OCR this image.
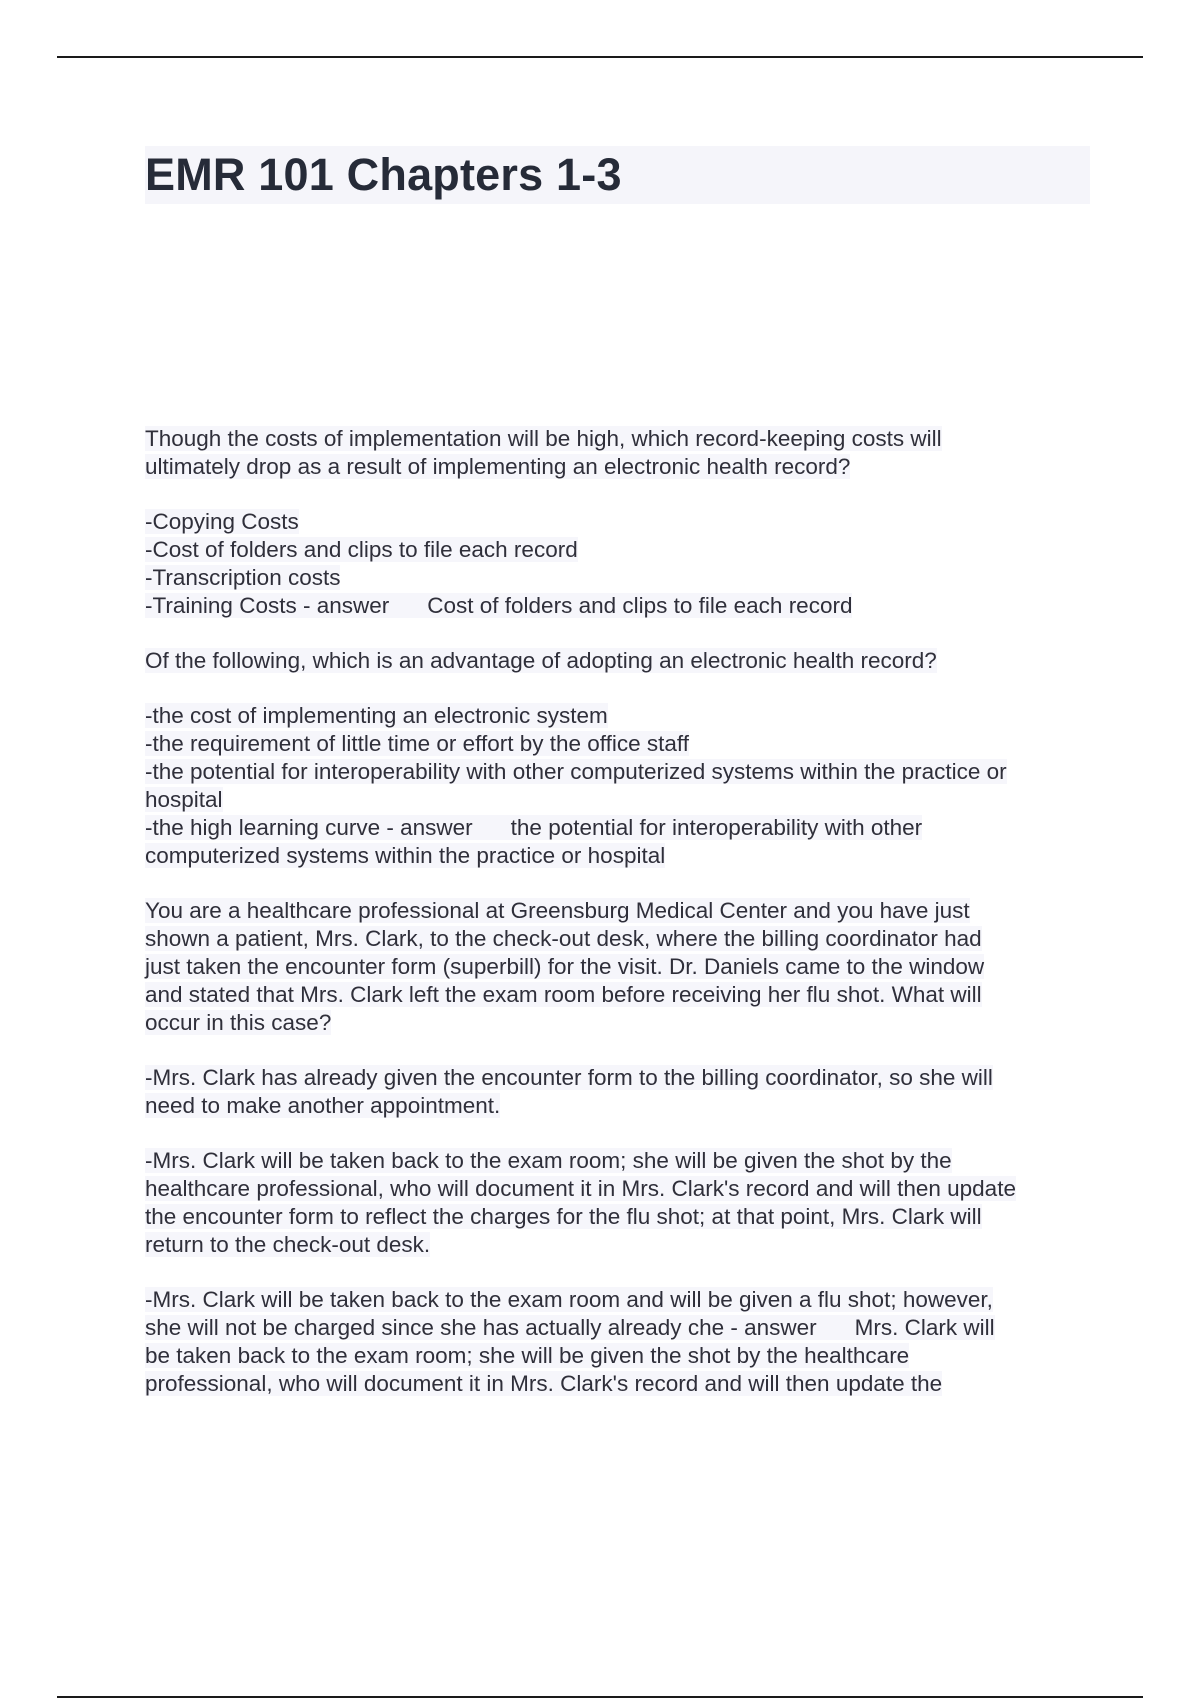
EMR 101 Chapters 1-3
Though the costs of implementation will be high, which record-keeping costs will
ultimately drop as a result of implementing an electronic health record?
-Copying Costs
-Cost of folders and clips to file each record
-Transcription costs
-Training Costs - answer Cost of folders and clips to file each record
Of the following, which is an advantage of adopting an electronic health record?
-the cost of implementing an electronic system
-the requirement of little time or effort by the office staff
-the potential for interoperability with other computerized systems within the practice or
hospital
-the high learning curve - answer the potential for interoperability with other
computerized systems within the practice or hospital
You are a healthcare professional at Greensburg Medical Center and you have just
shown a patient, Mrs. Clark, to the check-out desk, where the billing coordinator had
just taken the encounter form (superbill) for the visit. Dr. Daniels came to the window
and stated that Mrs. Clark left the exam room before receiving her flu shot. What will
occur in this case?
-Mrs. Clark has already given the encounter form to the billing coordinator, so she will
need to make another appointment.
-Mrs. Clark will be taken back to the exam room; she will be given the shot by the
healthcare professional, who will document it in Mrs. Clark's record and will then update
the encounter form to reflect the charges for the flu shot; at that point, Mrs. Clark will
return to the check-out desk.
-Mrs. Clark will be taken back to the exam room and will be given a flu shot; however,
she will not be charged since she has actually already che - answer Mrs. Clark will
be taken back to the exam room; she will be given the shot by the healthcare
professional, who will document it in Mrs. Clark's record and will then update the
